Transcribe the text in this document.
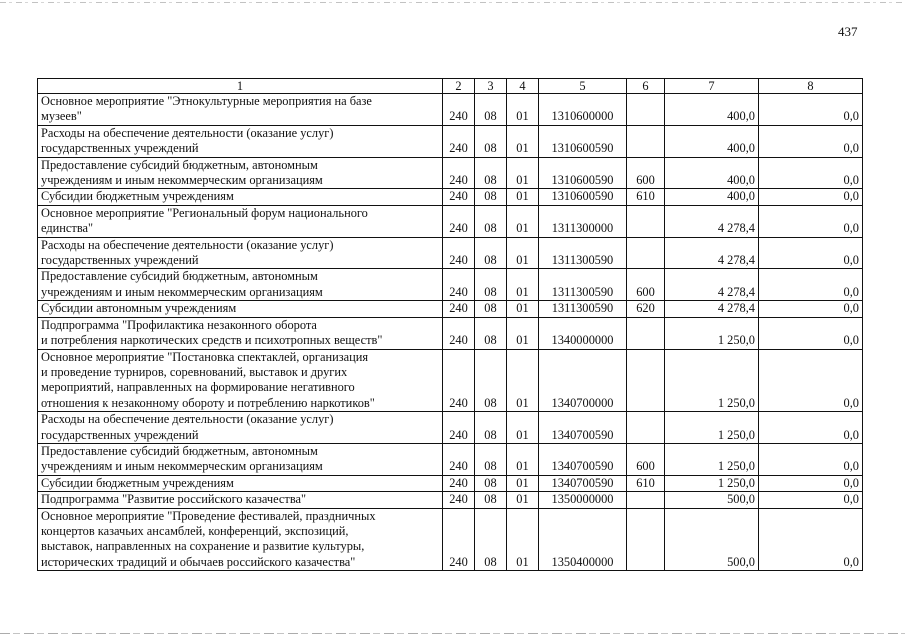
437
1	2	3	4	5	6	7	8

Основное мероприятие "Этнокультурные мероприятия на базе
музеев"	240	08	01	1310600000		400,0	0,0

Расходы на обеспечение деятельности (оказание услуг)
государственных учреждений	240	08	01	1310600590		400,0	0,0

Предоставление субсидий бюджетным, автономным
учреждениям и иным некоммерческим организациям	240	08	01	1310600590	600	400,0	0,0

Субсидии бюджетным учреждениям	240	08	01	1310600590	610	400,0	0,0

Основное мероприятие "Региональный форум национального
единства"	240	08	01	1311300000		4 278,4	0,0

Расходы на обеспечение деятельности (оказание услуг)
государственных учреждений	240	08	01	1311300590		4 278,4	0,0

Предоставление субсидий бюджетным, автономным
учреждениям и иным некоммерческим организациям	240	08	01	1311300590	600	4 278,4	0,0

Субсидии автономным учреждениям	240	08	01	1311300590	620	4 278,4	0,0

Подпрограмма "Профилактика незаконного оборота
и потребления наркотических средств и психотропных веществ"	240	08	01	1340000000		1 250,0	0,0

Основное мероприятие "Постановка спектаклей, организация
и проведение турниров, соревнований, выставок и других
мероприятий, направленных на формирование негативного
отношения к незаконному обороту и потреблению наркотиков"	240	08	01	1340700000		1 250,0	0,0

Расходы на обеспечение деятельности (оказание услуг)
государственных учреждений	240	08	01	1340700590		1 250,0	0,0

Предоставление субсидий бюджетным, автономным
учреждениям и иным некоммерческим организациям	240	08	01	1340700590	600	1 250,0	0,0

Субсидии бюджетным учреждениям	240	08	01	1340700590	610	1 250,0	0,0

Подпрограмма "Развитие российского казачества"	240	08	01	1350000000		500,0	0,0

Основное мероприятие "Проведение фестивалей, праздничных
концертов казачьих ансамблей, конференций, экспозиций,
выставок, направленных на сохранение и развитие культуры,
исторических традиций и обычаев российского казачества"	240	08	01	1350400000		500,0	0,0
